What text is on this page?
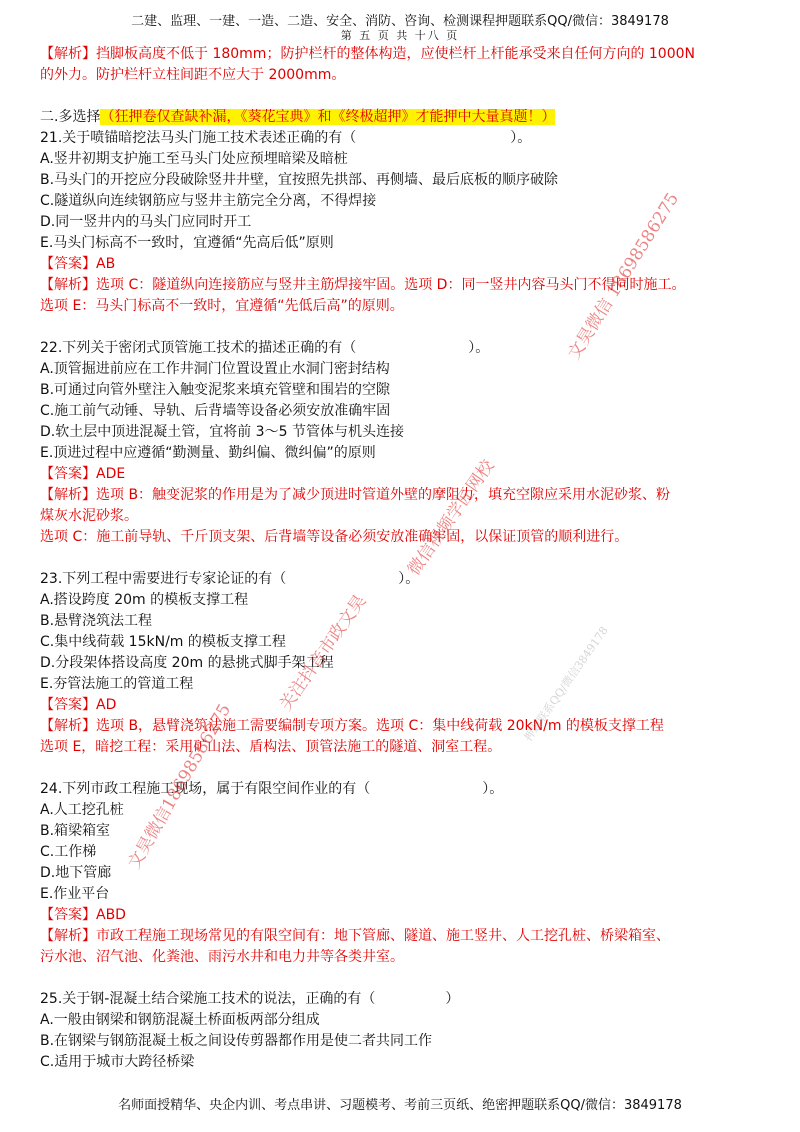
二建、监理、一建、一造、二造、安全、消防、咨询、检测课程押题联系QQ/微信：3849178
第 五 页 共 十八 页

【解析】挡脚板高度不低于 180mm；防护栏杆的整体构造，应使栏杆上杆能承受来自任何方向的 1000N

的外力。防护栏杆立柱间距不应大于 2000mm。

二.多选择（狂押卷仅查缺补漏，《葵花宝典》和《终极超押》才能押中大量真题！）

21.关于喷锚暗挖法马头门施工技术表述正确的有（　　　　　　　　　　　）。

A.竖井初期支护施工至马头门处应预埋暗梁及暗桩

B.马头门的开挖应分段破除竖井井壁，宜按照先拱部、再侧墙、最后底板的顺序破除

C.隧道纵向连续钢筋应与竖井主筋完全分离，不得焊接

D.同一竖井内的马头门应同时开工

E.马头门标高不一致时，宜遵循“先高后低”原则

【答案】AB

【解析】选项 C：隧道纵向连接筋应与竖井主筋焊接牢固。选项 D：同一竖井内容马头门不得同时施工。

选项 E：马头门标高不一致时，宜遵循“先低后高”的原则。

22.下列关于密闭式顶管施工技术的描述正确的有（　　　　　　　　）。

A.顶管掘进前应在工作井洞门位置设置止水洞门密封结构

B.可通过向管外壁注入触变泥浆来填充管壁和围岩的空隙

C.施工前气动锤、导轨、后背墙等设备必须安放准确牢固

D.软土层中顶进混凝土管，宜将前 3～5 节管体与机头连接

E.顶进过程中应遵循“勤测量、勤纠偏、微纠偏”的原则

【答案】ADE

【解析】选项 B：触变泥浆的作用是为了减少顶进时管道外壁的摩阻力，填充空隙应采用水泥砂浆、粉

煤灰水泥砂浆。

选项 C：施工前导轨、千斤顶支架、后背墙等设备必须安放准确牢固，以保证顶管的顺利进行。

23.下列工程中需要进行专家论证的有（　　　　　　　　）。

A.搭设跨度 20m 的模板支撑工程

B.悬臂浇筑法工程

C.集中线荷载 15kN/m 的模板支撑工程

D.分段架体搭设高度 20m 的悬挑式脚手架工程

E.夯管法施工的管道工程

【答案】AD

【解析】选项 B，悬臂浇筑法施工需要编制专项方案。选项 C：集中线荷载 20kN/m 的模板支撑工程

选项 E，暗挖工程：采用矿山法、盾构法、顶管法施工的隧道、洞室工程。

24.下列市政工程施工现场，属于有限空间作业的有（　　　　　　　　）。

A.人工挖孔桩

B.箱梁箱室

C.工作梯

D.地下管廊

E.作业平台

【答案】ABD

【解析】市政工程施工现场常见的有限空间有：地下管廊、隧道、施工竖井、人工挖孔桩、桥梁箱室、

污水池、沼气池、化粪池、雨污水井和电力井等各类井室。

25.关于钢-混凝土结合梁施工技术的说法，正确的有（　　　　　）

A.一般由钢梁和钢筋混凝土桥面板两部分组成

B.在钢梁与钢筋混凝土板之间设传剪器都作用是使二者共同工作

C.适用于城市大跨径桥梁

文昊微信 18698586275
微信视频学匠网校
关注抖音市政文昊
文昊微信18698586275
押题联系QQ/微信3849178
名师面授精华、央企内训、考点串讲、习题模考、考前三页纸、绝密押题联系QQ/微信：3849178
